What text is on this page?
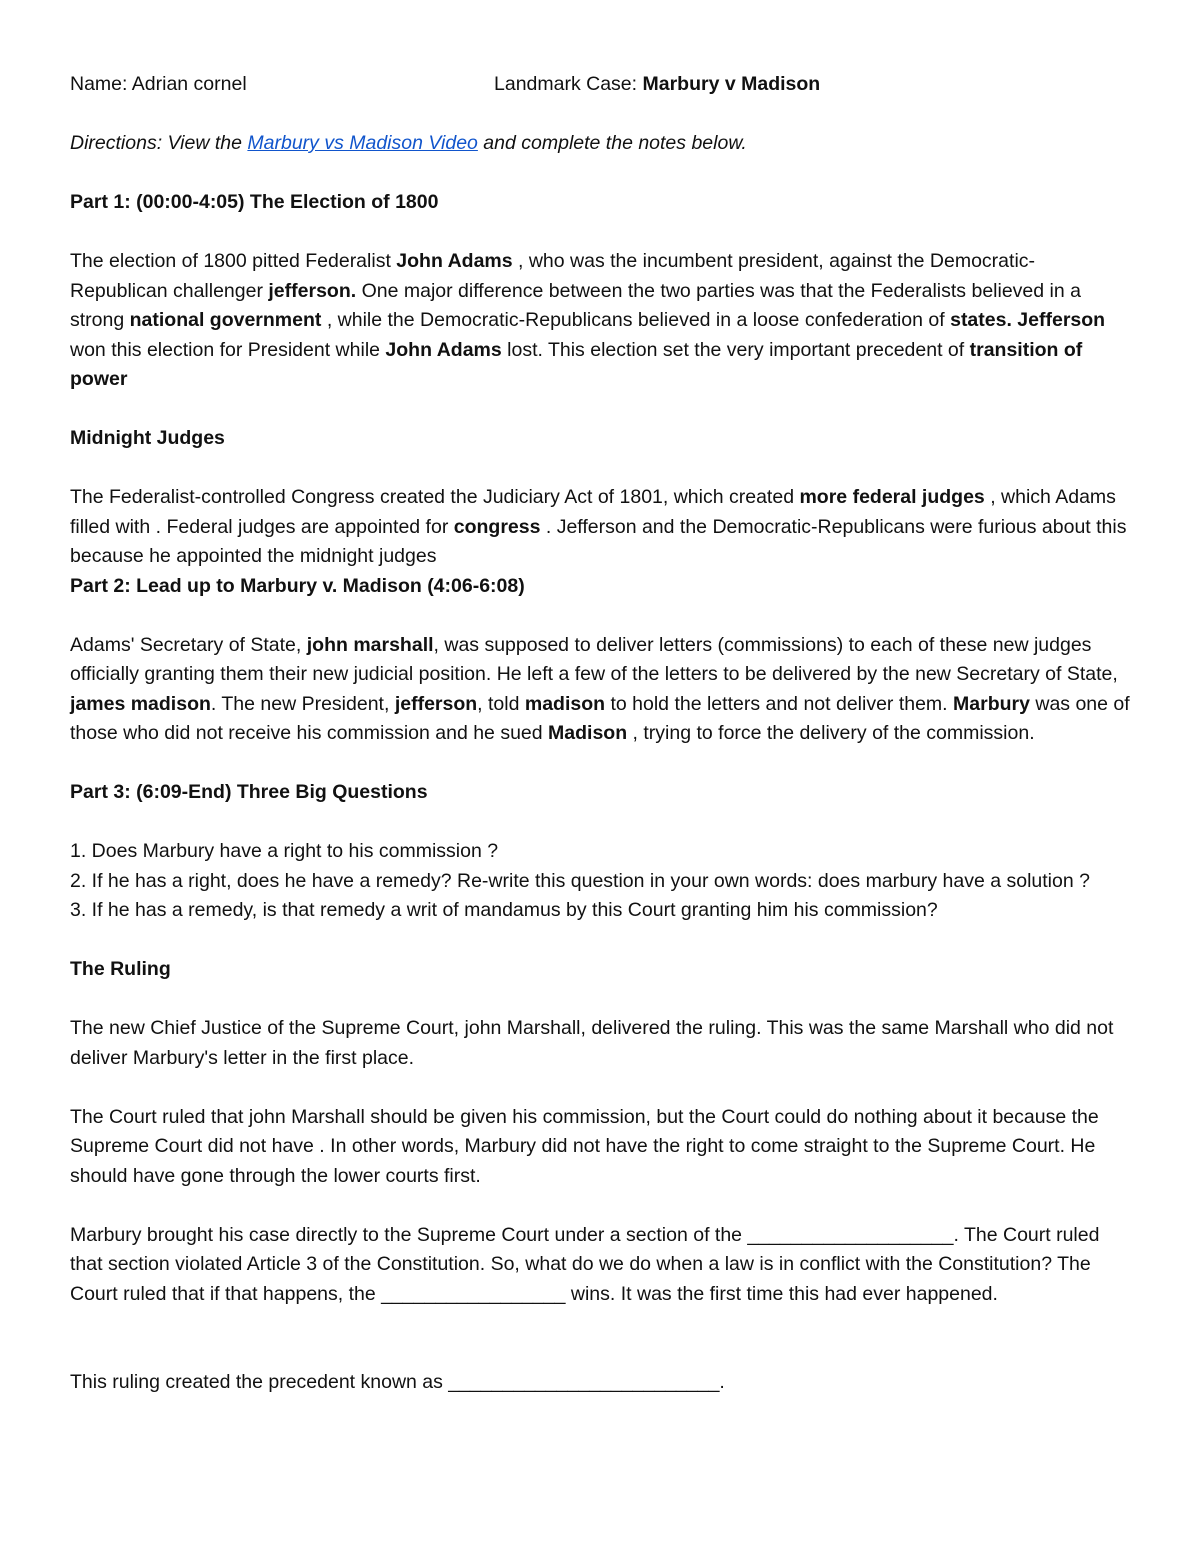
Name: Adrian cornel	Landmark Case: Marbury v Madison

Directions: View the Marbury vs Madison Video and complete the notes below.

Part 1: (00:00-4:05) The Election of 1800

The election of 1800 pitted Federalist John Adams , who was the incumbent president, against the Democratic-Republican challenger jefferson. One major difference between the two parties was that the Federalists believed in a strong national government , while the Democratic-Republicans believed in a loose confederation of states. Jefferson won this election for President while John Adams lost. This election set the very important precedent of transition of power

Midnight Judges

The Federalist-controlled Congress created the Judiciary Act of 1801, which created more federal judges , which Adams filled with . Federal judges are appointed for congress . Jefferson and the Democratic-Republicans were furious about this because he appointed the midnight judges

Part 2: Lead up to Marbury v. Madison (4:06-6:08)

Adams' Secretary of State, john marshall, was supposed to deliver letters (commissions) to each of these new judges officially granting them their new judicial position. He left a few of the letters to be delivered by the new Secretary of State, james madison. The new President, jefferson, told madison to hold the letters and not deliver them. Marbury was one of those who did not receive his commission and he sued Madison , trying to force the delivery of the commission.

Part 3: (6:09-End) Three Big Questions

1. Does Marbury have a right to his commission ?

2. If he has a right, does he have a remedy? Re-write this question in your own words: does marbury have a solution ?

3. If he has a remedy, is that remedy a writ of mandamus by this Court granting him his commission?

The Ruling

The new Chief Justice of the Supreme Court, john Marshall, delivered the ruling. This was the same Marshall who did not deliver Marbury's letter in the first place.

The Court ruled that john Marshall should be given his commission, but the Court could do nothing about it because the Supreme Court did not have . In other words, Marbury did not have the right to come straight to the Supreme Court. He should have gone through the lower courts first.

Marbury brought his case directly to the Supreme Court under a section of the ___________________. The Court ruled that section violated Article 3 of the Constitution. So, what do we do when a law is in conflict with the Constitution? The Court ruled that if that happens, the _________________ wins. It was the first time this had ever happened.

This ruling created the precedent known as _________________________.
